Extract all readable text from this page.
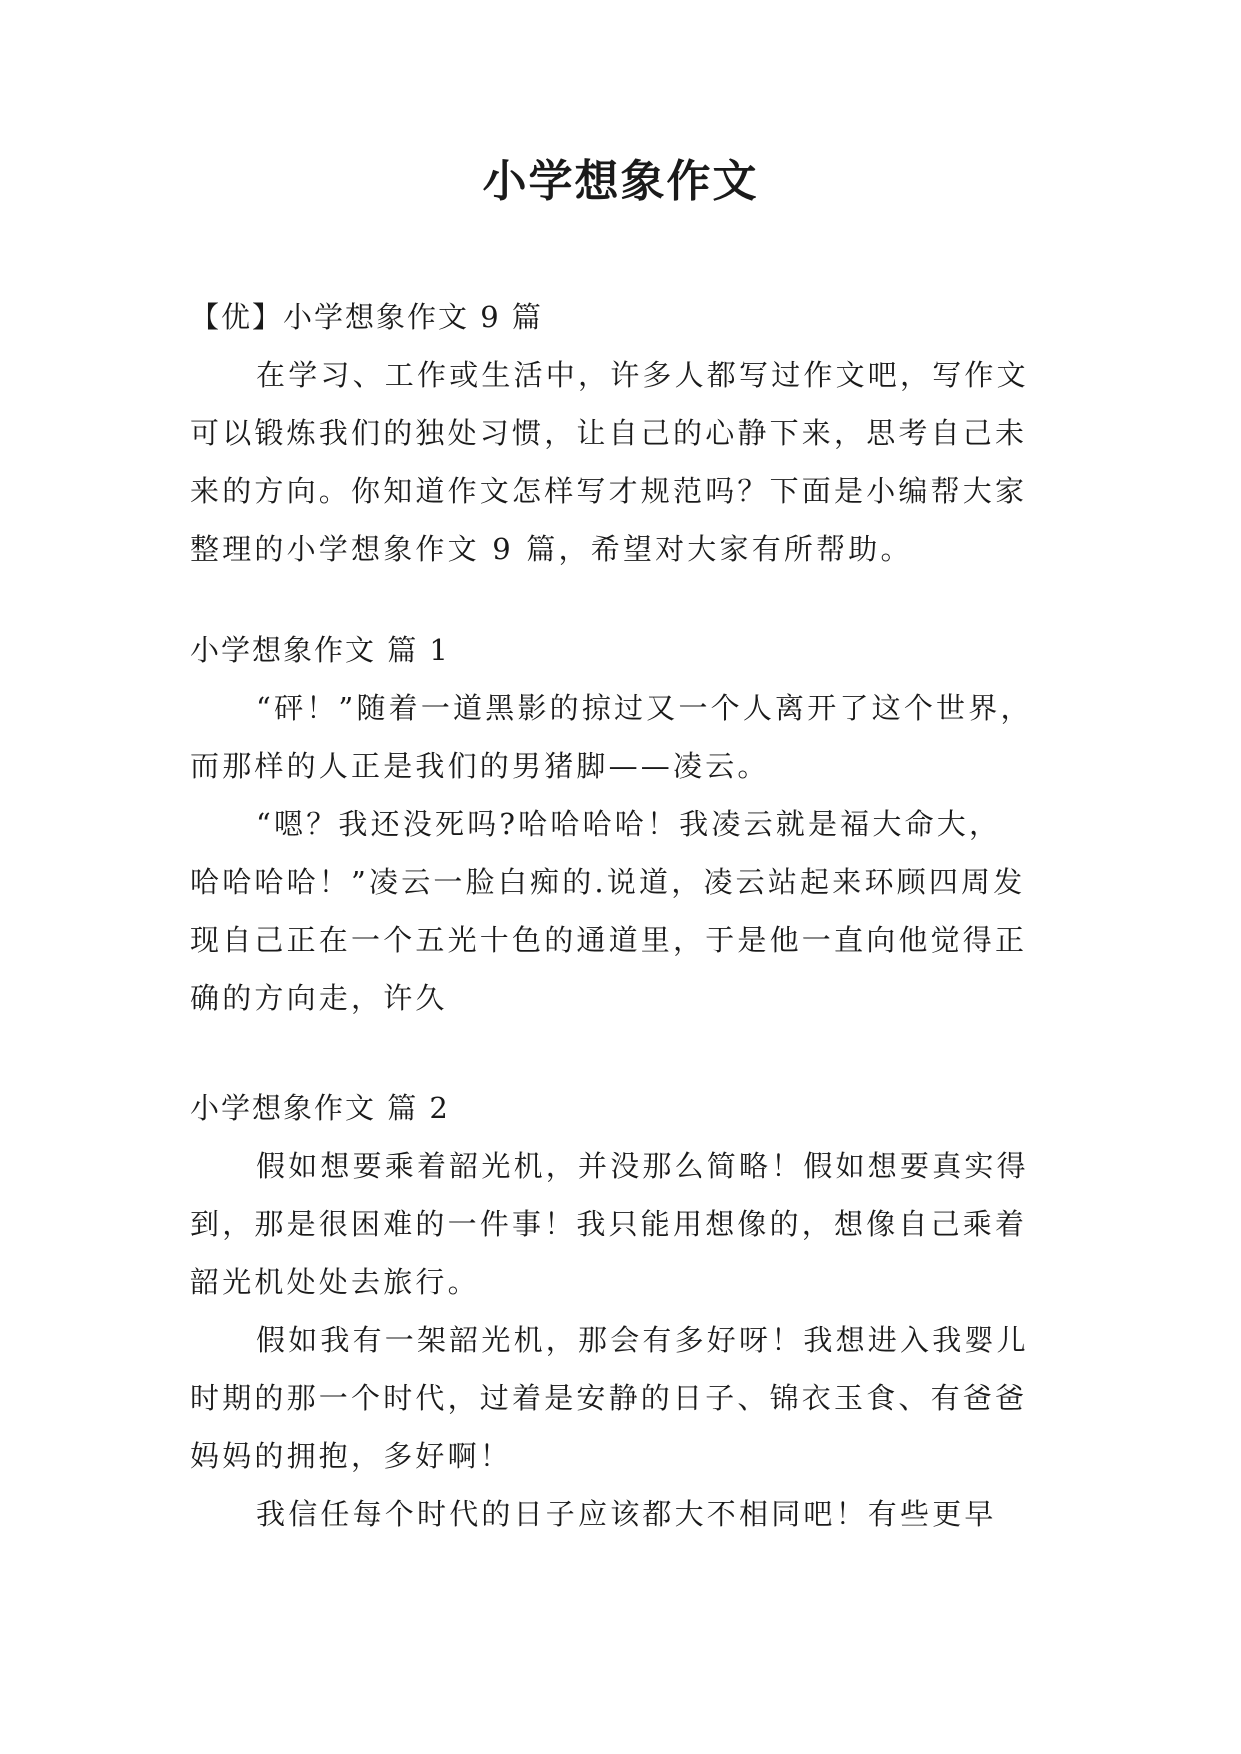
小学想象作文

【优】小学想象作文 9 篇

在学习、工作或生活中，许多人都写过作文吧，写作文

可以锻炼我们的独处习惯，让自己的心静下来，思考自己未

来的方向。你知道作文怎样写才规范吗？下面是小编帮大家

整理的小学想象作文 9 篇，希望对大家有所帮助。

小学想象作文 篇 1

“砰！”随着一道黑影的掠过又一个人离开了这个世界，

而那样的人正是我们的男猪脚——凌云。

“嗯？我还没死吗?哈哈哈哈！我凌云就是福大命大，

哈哈哈哈！”凌云一脸白痴的.说道，凌云站起来环顾四周发

现自己正在一个五光十色的通道里，于是他一直向他觉得正

确的方向走，许久

小学想象作文 篇 2

假如想要乘着韶光机，并没那么简略！假如想要真实得

到，那是很困难的一件事！我只能用想像的，想像自己乘着

韶光机处处去旅行。

假如我有一架韶光机，那会有多好呀！我想进入我婴儿

时期的那一个时代，过着是安静的日子、锦衣玉食、有爸爸

妈妈的拥抱，多好啊！

我信任每个时代的日子应该都大不相同吧！有些更早
